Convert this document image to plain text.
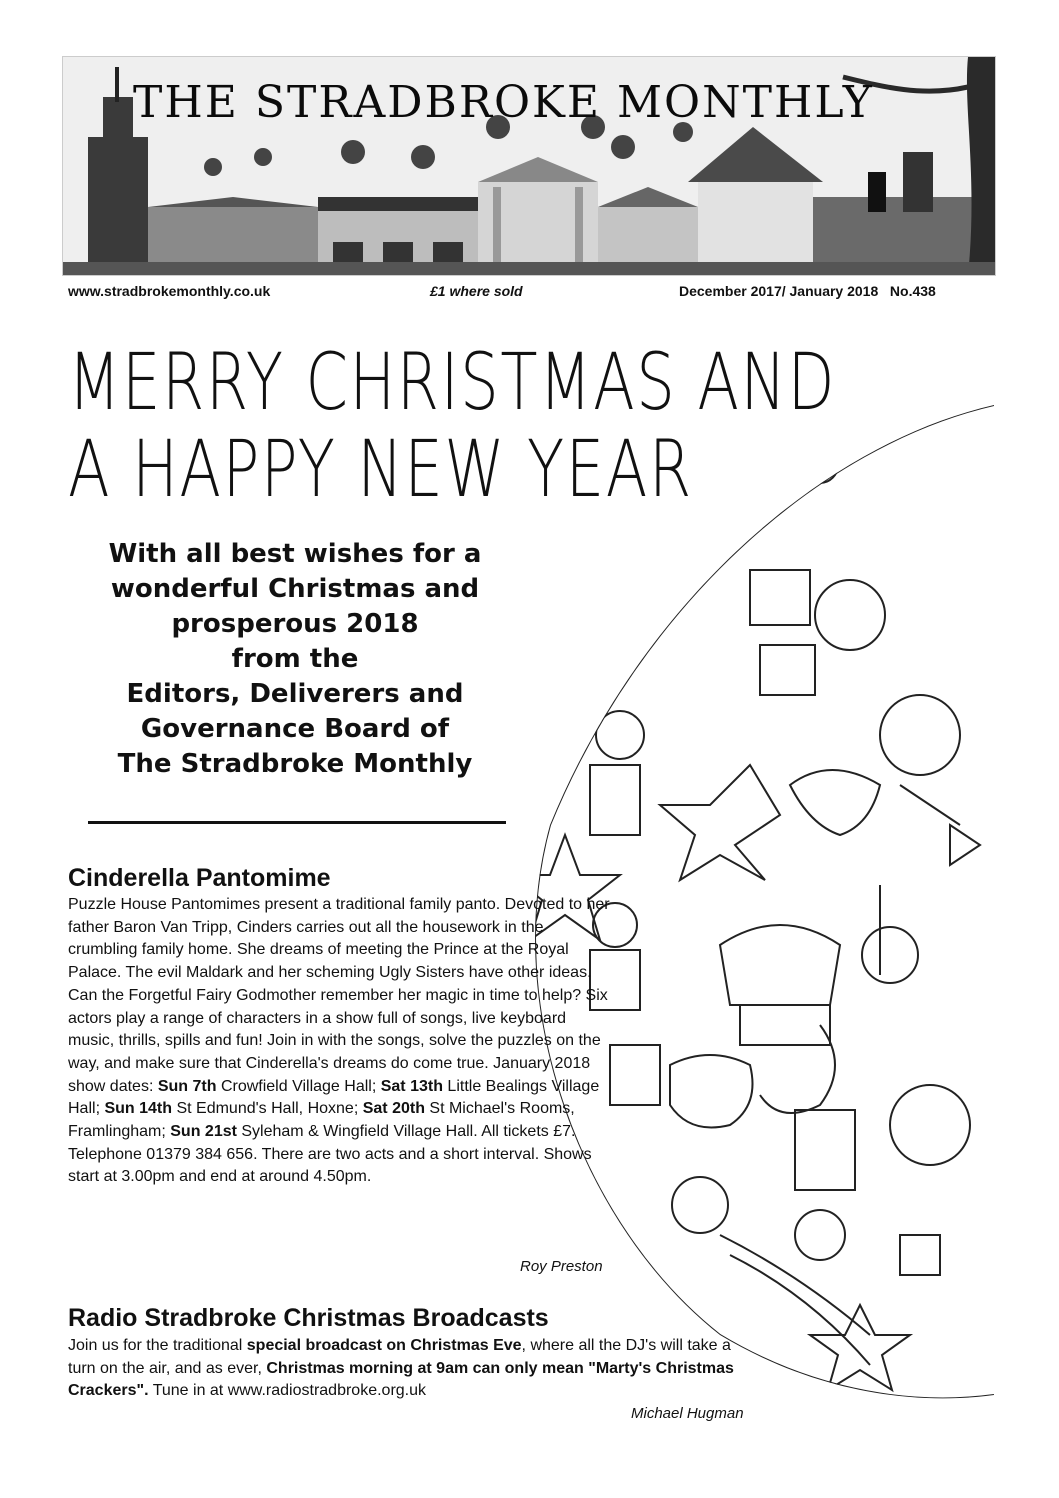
THE STRADBROKE MONTHLY
www.stradbrokemonthly.co.uk	£1 where sold	December 2017/ January 2018   No.438
MERRY CHRISTMAS AND
A HAPPY NEW YEAR
With all best wishes for a
wonderful Christmas and
prosperous 2018
from the
Editors, Deliverers and
Governance Board of
The Stradbroke Monthly
Cinderella Pantomime
Puzzle House Pantomimes present a traditional family panto. Devoted to her father Baron Van Tripp, Cinders carries out all the housework in the crumbling family home. She dreams of meeting the Prince at the Royal Palace. The evil Maldark and her scheming Ugly Sisters have other ideas. Can the Forgetful Fairy Godmother remember her magic in time to help? Six actors play a range of characters in a show full of songs, live keyboard music, thrills, spills and fun! Join in with the songs, solve the puzzles on the way, and make sure that Cinderella's dreams do come true. January 2018 show dates: Sun 7th Crowfield Village Hall; Sat 13th Little Bealings Village Hall; Sun 14th St Edmund's Hall, Hoxne; Sat 20th St Michael's Rooms, Framlingham; Sun 21st Syleham & Wingfield Village Hall. All tickets £7. Telephone 01379 384 656. There are two acts and a short interval. Shows start at 3.00pm and end at around 4.50pm.
Roy Preston
Radio Stradbroke Christmas Broadcasts
Join us for the traditional special broadcast on Christmas Eve, where all the DJ's will take a turn on the air, and as ever, Christmas morning at 9am can only mean "Marty's Christmas Crackers". Tune in at www.radiostradbroke.org.uk
Michael Hugman
